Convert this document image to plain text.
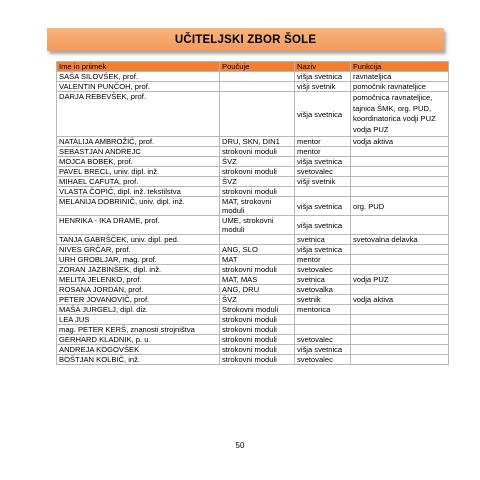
UČITELJSKI ZBOR ŠOLE
Ime in priimek	Poučuje	Naziv	Funkcija
SAŠA SILOVŠEK, prof.		višja svetnica	ravnateljica
VALENTIN PUNČOH, prof.		višji svetnik	pomočnik ravnateljice
DARJA REBEVŠEK, prof.		višja svetnica	pomočnica ravnateljice, tajnica ŠMK, org. PUD, koordinatorica vodji PUZ vodja PUZ
NATALIJA AMBROŽIČ, prof.	DRU, SKN, DIN1	mentor	vodja aktiva
SEBASTJAN ANDREJC	strokovni moduli	mentor	
MOJCA BOBEK, prof.	ŠVZ	višja svetnica	
PAVEL BRECL, univ. dipl. inž.	strokovni moduli	svetovalec	
MIHAEL CAFUTA, prof.	ŠVZ	višji svetnik	
VLASTA ČOPIČ, dipl. inž. tekstilstva	strokovni moduli		
MELANIJA DOBRINIČ, univ. dipl. inž.	MAT, strokovni moduli	višja svetnica	org. PUD
HENRIKA - IKA DRAME, prof.	UME, strokovni moduli	višja svetnica	
TANJA GABRŠČEK, univ. dipl. ped.		svetnica	svetovalna delavka
NIVES GRČAR, prof.	ANG, SLO	višja svetnica	
URH GROBLJAR, mag. prof.	MAT	mentor	
ZORAN JAZBINŠEK, dipl. inž.	strokovni moduli	svetovalec	
MELITA JELENKO, prof.	MAT, MAS	svetnica	vodja PUZ
ROSANA JORDAN, prof.	ANG, DRU	svetovalka	
PETER JOVANOVIČ, prof.	ŠVZ	svetnik	vodja aktiva
MAŠA JURGELJ, dipl. diz.	Strokovni moduli	mentorica	
LEA JUS	strokovni moduli		
mag. PETER KERŠ, znanosti strojništva	strokovni moduli		
GERHARD KLADNIK, p. u.	strokovni moduli	svetovalec	
ANDREJA KOGOVŠEK	strokovni moduli	višja svetnica	
BOŠTJAN KOLBIČ, inž.	strokovni moduli	svetovalec	
50
